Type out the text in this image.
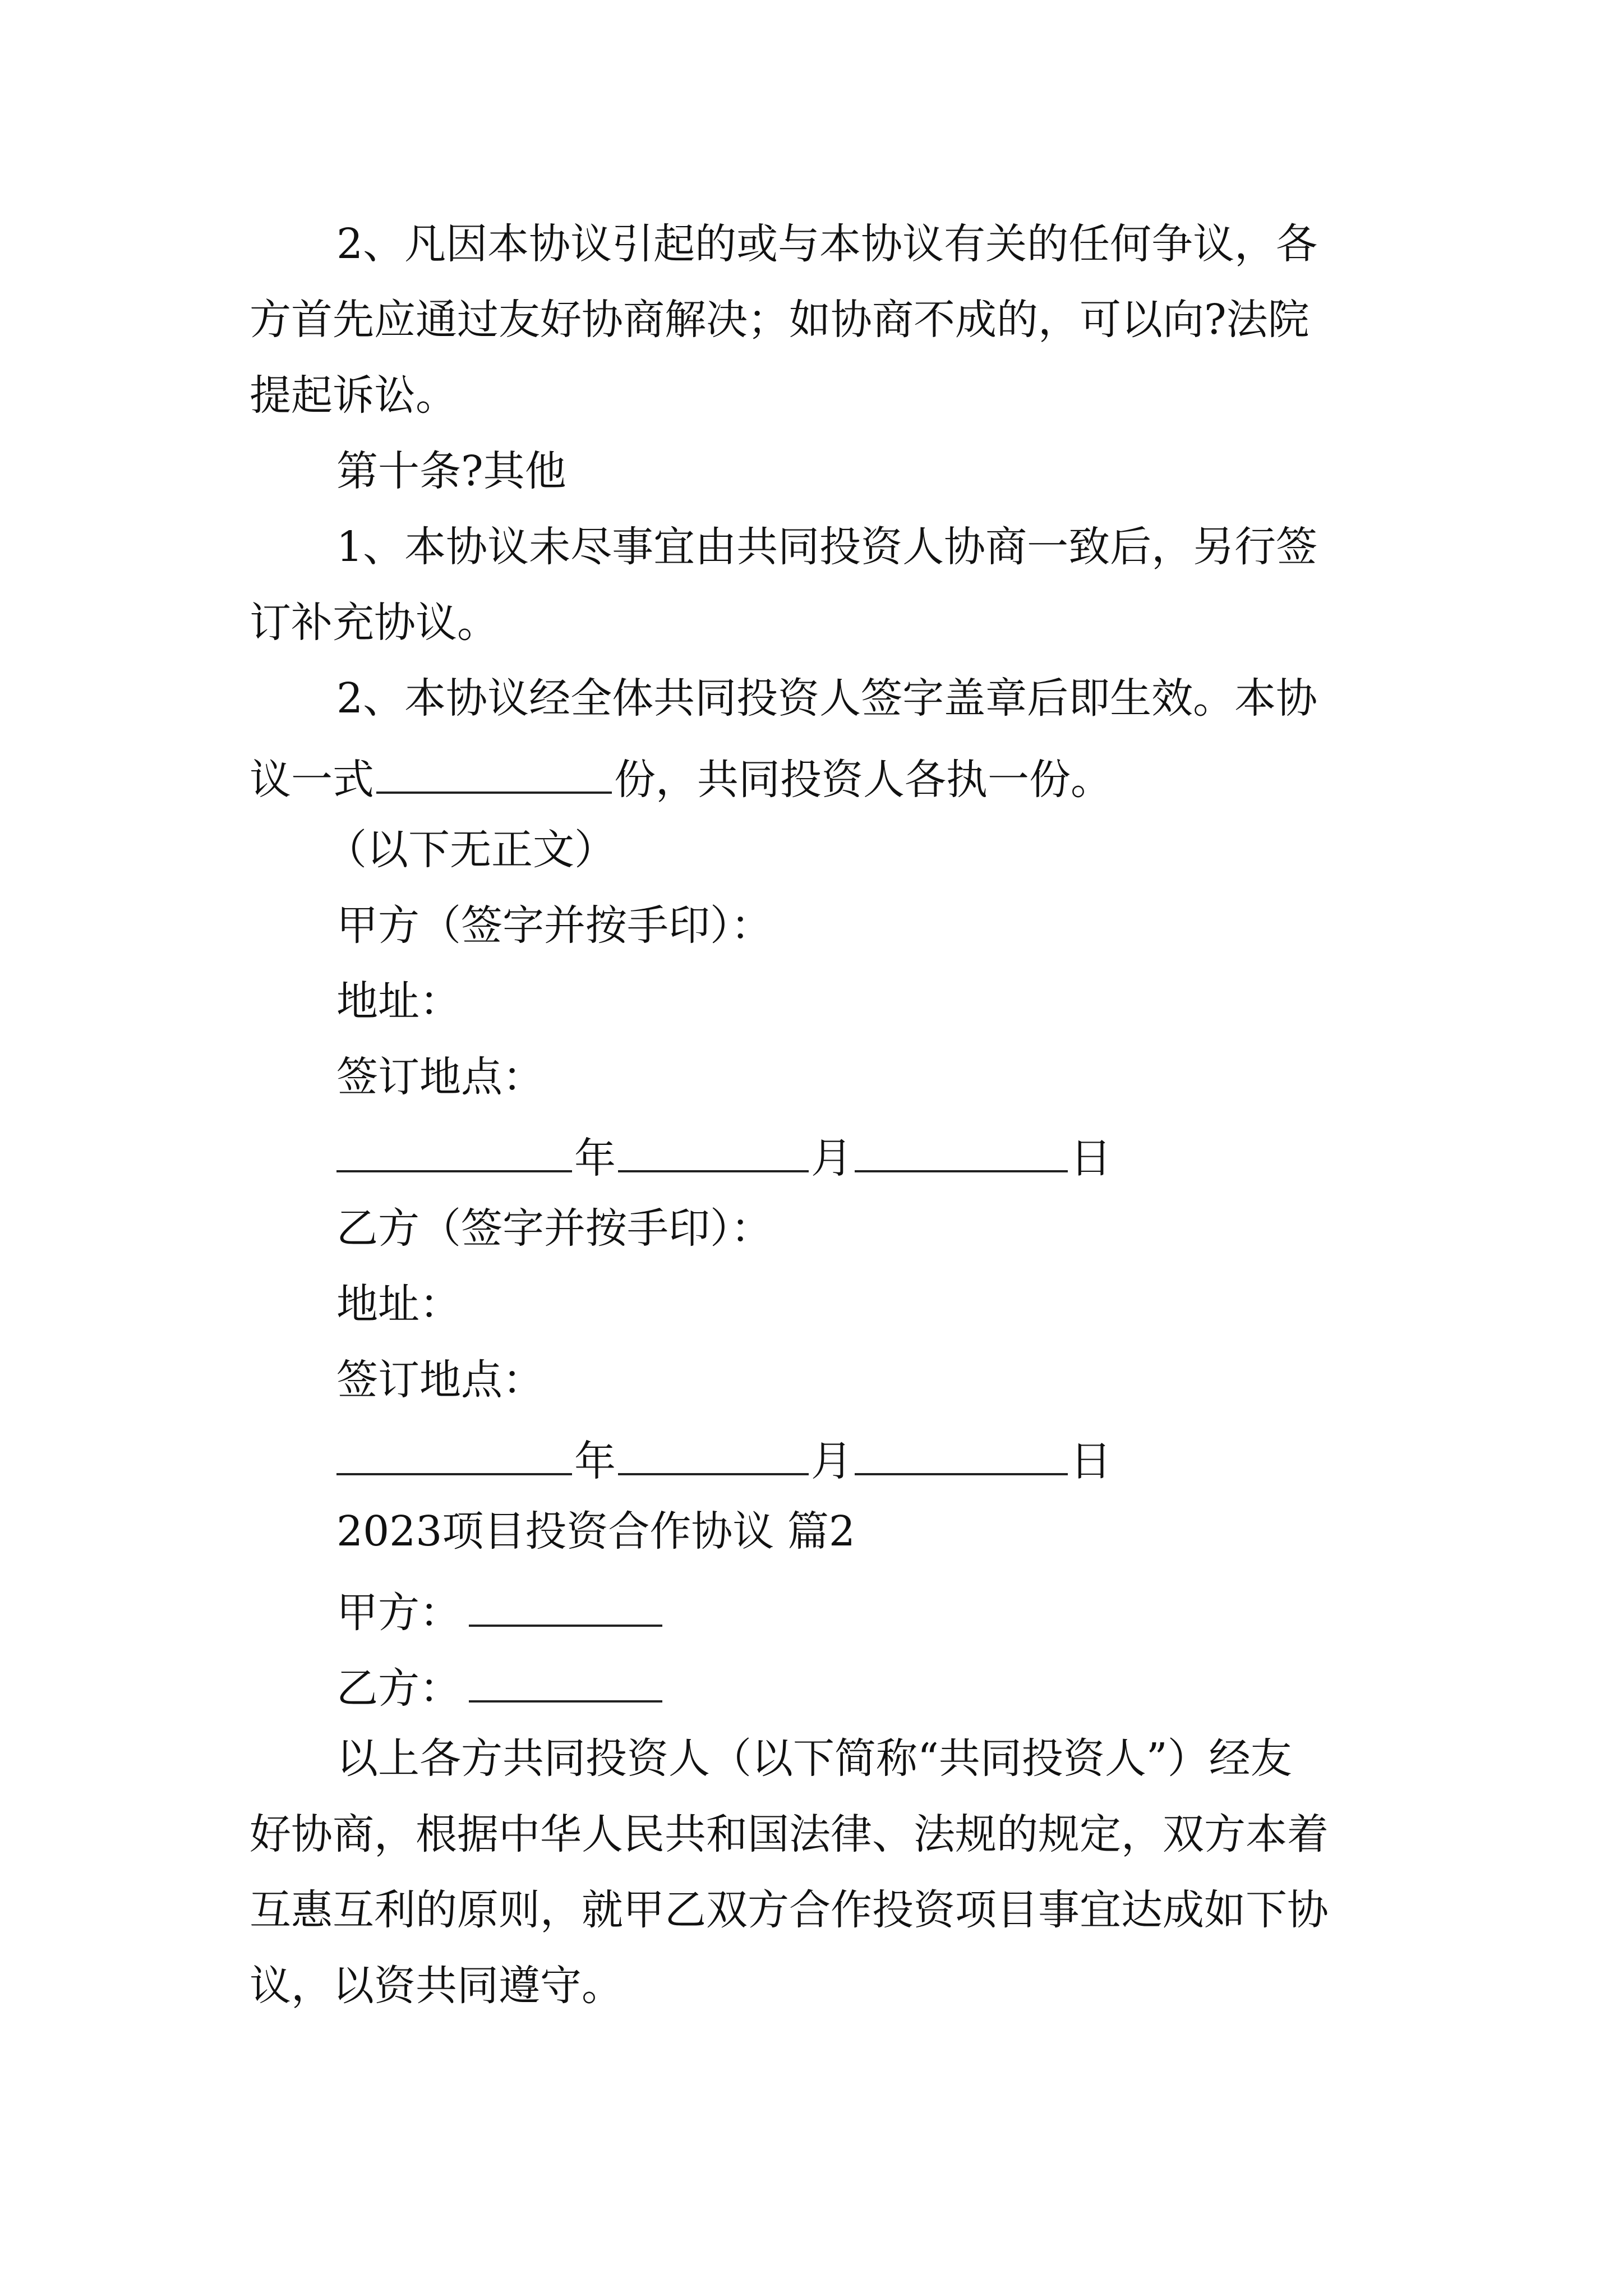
2、凡因本协议引起的或与本协议有关的任何争议，各
方首先应通过友好协商解决；如协商不成的，可以向?法院
提起诉讼。
第十条?其他
1、本协议未尽事宜由共同投资人协商一致后，另行签
订补充协议。
2、本协议经全体共同投资人签字盖章后即生效。本协
议一式	份，共同投资人各执一份。
（以下无正文）
甲方（签字并按手印）：
地址：
签订地点：
年	月	日
乙方（签字并按手印）：
地址：
签订地点：
年	月	日
2023项目投资合作协议 篇2
甲方：
乙方：
以上各方共同投资人（以下简称“共同投资人”）经友
好协商，根据中华人民共和国法律、法规的规定，双方本着
互惠互利的原则，就甲乙双方合作投资项目事宜达成如下协
议，以资共同遵守。
